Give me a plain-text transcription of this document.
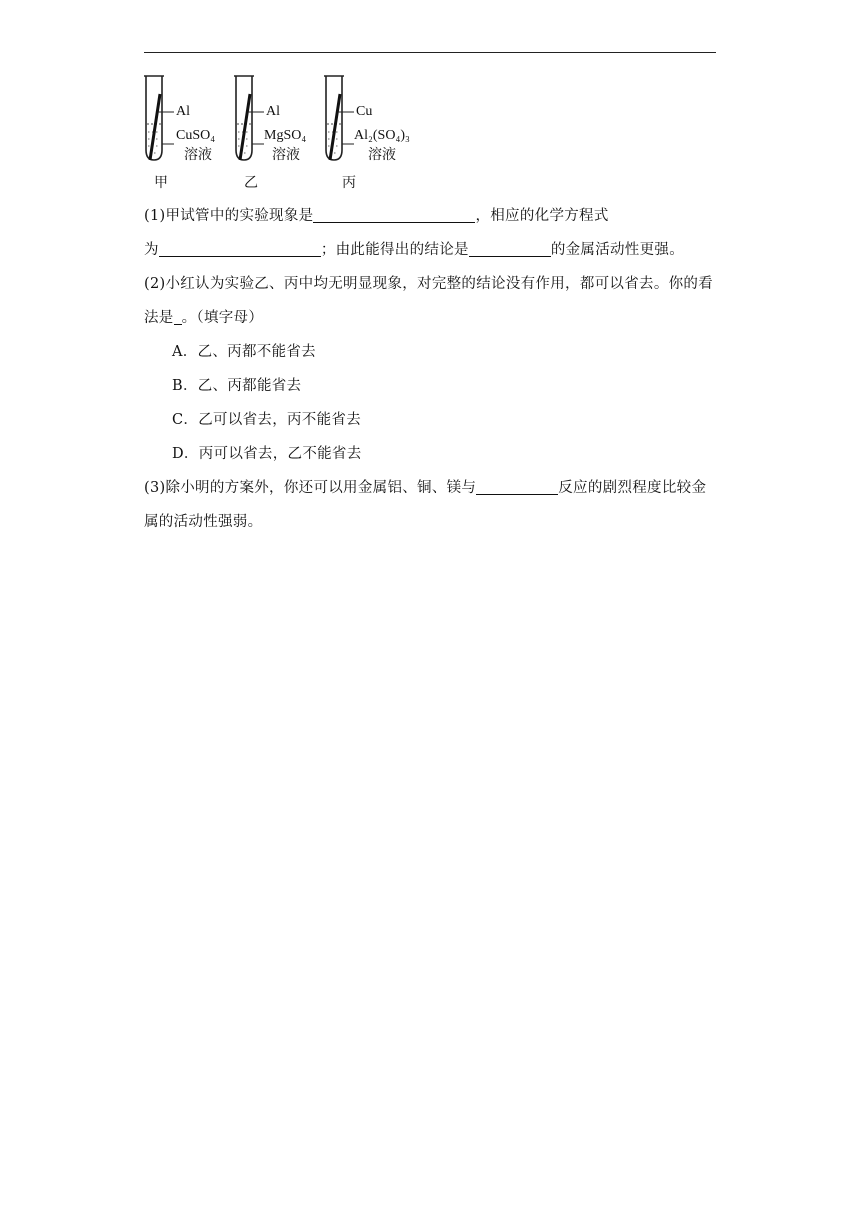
Al
CuSO₄
溶液
甲
Al
MgSO₄
溶液
乙
Cu
Al₂(SO₄)₃
溶液
丙
(1)甲试管中的实验现象是	，相应的化学方程式
为	；由此能得出的结论是	的金属活动性更强。
(2)小红认为实验乙、丙中均无明显现象，对完整的结论没有作用，都可以省去。你的看
法是 。（填字母）
A．乙、丙都不能省去
B．乙、丙都能省去
C．乙可以省去，丙不能省去
D．丙可以省去，乙不能省去
(3)除小明的方案外，你还可以用金属铝、铜、镁与	反应的剧烈程度比较金
属的活动性强弱。
